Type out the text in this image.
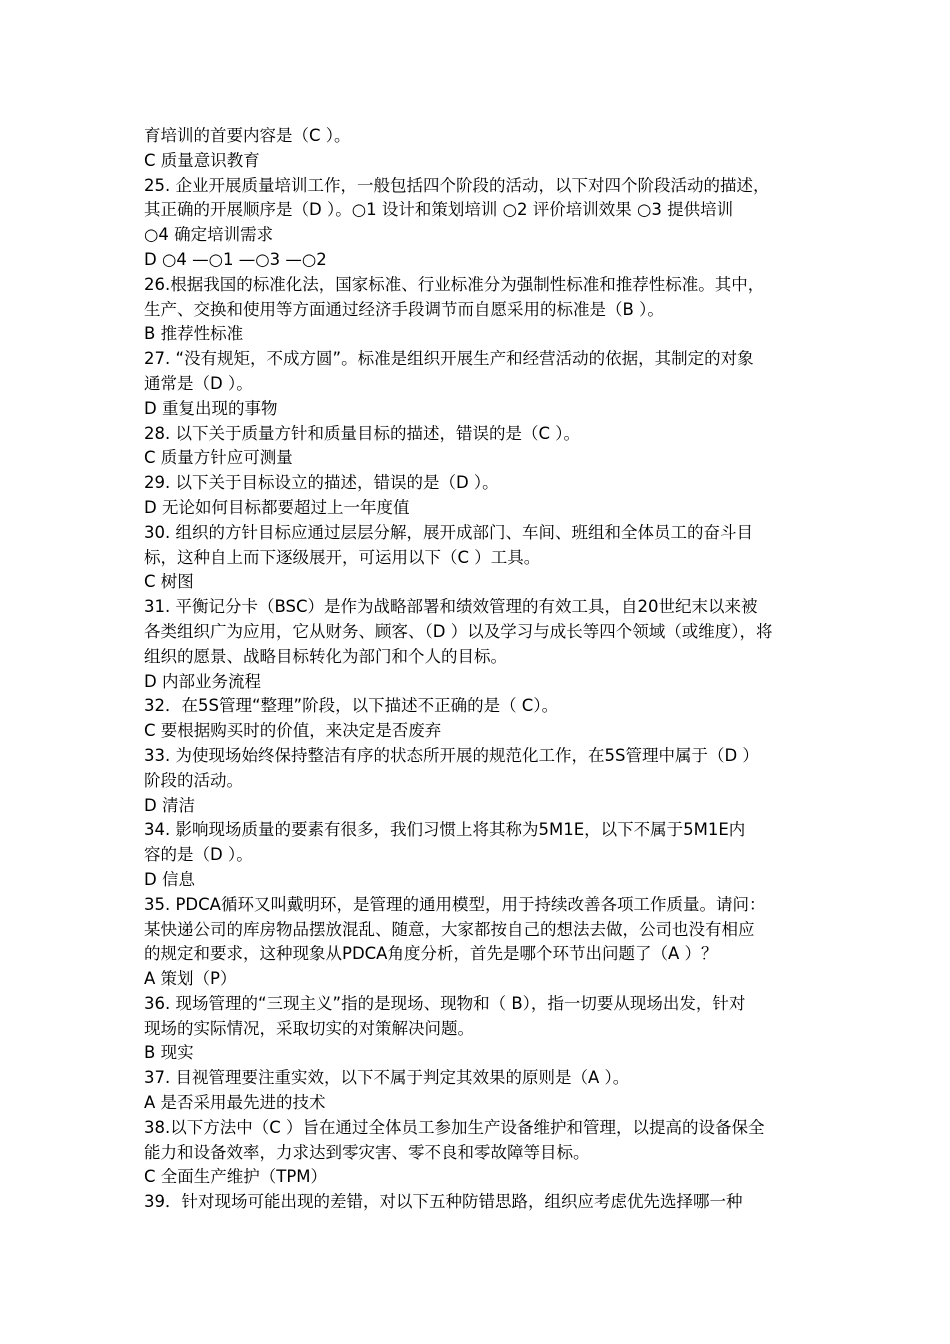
育培训的首要内容是（C ）。
C 质量意识教育
25. 企业开展质量培训工作，一般包括四个阶段的活动，以下对四个阶段活动的描述，
其正确的开展顺序是（D ）。○1 设计和策划培训 ○2 评价培训效果 ○3 提供培训
○4 确定培训需求
D ○4 —○1 —○3 —○2
26.根据我国的标准化法，国家标准、行业标准分为强制性标准和推荐性标准。其中，
生产、交换和使用等方面通过经济手段调节而自愿采用的标准是（B ）。
B 推荐性标准
27. “没有规矩，不成方圆”。标准是组织开展生产和经营活动的依据，其制定的对象
通常是（D ）。
D 重复出现的事物
28. 以下关于质量方针和质量目标的描述，错误的是（C ）。
C 质量方针应可测量
29. 以下关于目标设立的描述，错误的是（D ）。
D 无论如何目标都要超过上一年度值
30. 组织的方针目标应通过层层分解，展开成部门、车间、班组和全体员工的奋斗目
标，这种自上而下逐级展开，可运用以下（C ）工具。
C 树图
31. 平衡记分卡（BSC）是作为战略部署和绩效管理的有效工具，自20世纪末以来被
各类组织广为应用，它从财务、顾客、（D ）以及学习与成长等四个领域（或维度），将
组织的愿景、战略目标转化为部门和个人的目标。
D 内部业务流程
32．在5S管理“整理”阶段，以下描述不正确的是（ C）。
C 要根据购买时的价值，来决定是否废弃
33. 为使现场始终保持整洁有序的状态所开展的规范化工作，在5S管理中属于（D ）
阶段的活动。
D 清洁
34. 影响现场质量的要素有很多，我们习惯上将其称为5M1E，以下不属于5M1E内
容的是（D ）。
D 信息
35. PDCA循环又叫戴明环，是管理的通用模型，用于持续改善各项工作质量。请问：
某快递公司的库房物品摆放混乱、随意，大家都按自己的想法去做，公司也没有相应
的规定和要求，这种现象从PDCA角度分析，首先是哪个环节出问题了（A ）？
A 策划（P）
36. 现场管理的“三现主义”指的是现场、现物和（ B），指一切要从现场出发，针对
现场的实际情况，采取切实的对策解决问题。
B 现实
37. 目视管理要注重实效，以下不属于判定其效果的原则是（A ）。
A 是否采用最先进的技术
38.以下方法中（C ）旨在通过全体员工参加生产设备维护和管理，以提高的设备保全
能力和设备效率，力求达到零灾害、零不良和零故障等目标。
C 全面生产维护（TPM）
39．针对现场可能出现的差错，对以下五种防错思路，组织应考虑优先选择哪一种
